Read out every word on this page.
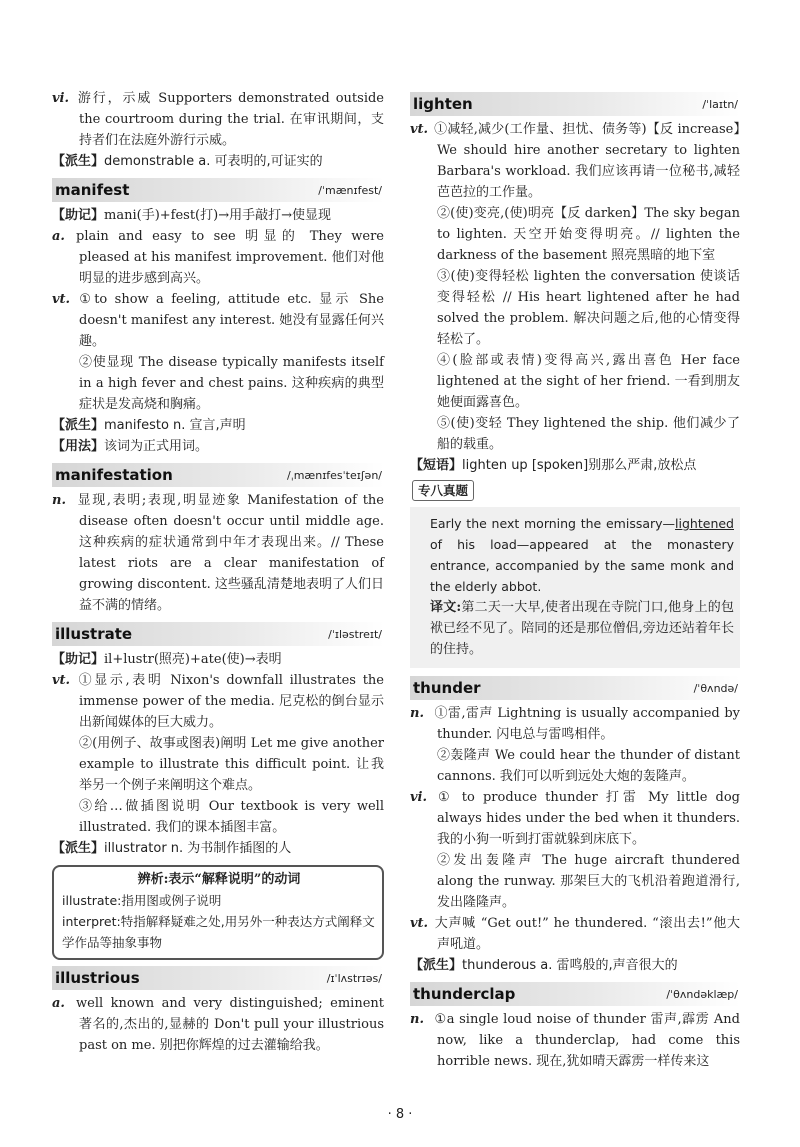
vi. 游行，示威 Supporters demonstrated outside the courtroom during the trial. 在审讯期间，支持者们在法庭外游行示威。

【派生】demonstrable a. 可表明的,可证实的

manifest	/ˈmænɪfest/

【助记】mani(手)+fest(打)→用手敲打→使显现

a. plain and easy to see 明显的 They were pleased at his manifest improvement. 他们对他明显的进步感到高兴。

vt. ①to show a feeling, attitude etc. 显示 She doesn't manifest any interest. 她没有显露任何兴趣。

②使显现 The disease typically manifests itself in a high fever and chest pains. 这种疾病的典型症状是发高烧和胸痛。

【派生】manifesto n. 宣言,声明

【用法】该词为正式用词。

manifestation	/ˌmænɪfesˈteɪʃən/

n. 显现,表明;表现,明显迹象 Manifestation of the disease often doesn't occur until middle age. 这种疾病的症状通常到中年才表现出来。// These latest riots are a clear manifestation of growing discontent. 这些骚乱清楚地表明了人们日益不满的情绪。

illustrate	/ˈɪləstreɪt/

【助记】il+lustr(照亮)+ate(使)→表明

vt. ①显示,表明 Nixon's downfall illustrates the immense power of the media. 尼克松的倒台显示出新闻媒体的巨大威力。

②(用例子、故事或图表)阐明 Let me give another example to illustrate this difficult point. 让我举另一个例子来阐明这个难点。

③给…做插图说明 Our textbook is very well illustrated. 我们的课本插图丰富。

【派生】illustrator n. 为书制作插图的人

辨析:表示“解释说明”的动词

illustrate:指用图或例子说明

interpret:特指解释疑难之处,用另外一种表达方式阐释文学作品等抽象事物

illustrious	/ɪˈlʌstrɪəs/

a. well known and very distinguished; eminent 著名的,杰出的,显赫的 Don't pull your illustrious past on me. 别把你辉煌的过去灌输给我。

lighten	/ˈlaɪtn/

vt. ①减轻,减少(工作量、担忧、债务等)【反 increase】We should hire another secretary to lighten Barbara's workload. 我们应该再请一位秘书,减轻芭芭拉的工作量。

②(使)变亮,(使)明亮【反 darken】The sky began to lighten. 天空开始变得明亮。// lighten the darkness of the basement 照亮黑暗的地下室

③(使)变得轻松 lighten the conversation 使谈话变得轻松 // His heart lightened after he had solved the problem. 解决问题之后,他的心情变得轻松了。

④(脸部或表情)变得高兴,露出喜色 Her face lightened at the sight of her friend. 一看到朋友她便面露喜色。

⑤(使)变轻 They lightened the ship. 他们减少了船的载重。

【短语】lighten up [spoken]别那么严肃,放松点

专八真题

Early the next morning the emissary—lightened of his load—appeared at the monastery entrance, accompanied by the same monk and the elderly abbot.

译文:第二天一大早,使者出现在寺院门口,他身上的包袱已经不见了。陪同的还是那位僧侣,旁边还站着年长的住持。

thunder	/ˈθʌndə/

n. ①雷,雷声 Lightning is usually accompanied by thunder. 闪电总与雷鸣相伴。

②轰隆声 We could hear the thunder of distant cannons. 我们可以听到远处大炮的轰隆声。

vi. ① to produce thunder 打雷 My little dog always hides under the bed when it thunders. 我的小狗一听到打雷就躲到床底下。

②发出轰隆声 The huge aircraft thundered along the runway. 那架巨大的飞机沿着跑道滑行,发出隆隆声。

vt. 大声喊 “Get out!” he thundered. “滚出去!”他大声吼道。

【派生】thunderous a. 雷鸣般的,声音很大的

thunderclap	/ˈθʌndəklæp/

n. ①a single loud noise of thunder 雷声,霹雳 And now, like a thunderclap, had come this horrible news. 现在,犹如晴天霹雳一样传来这

· 8 ·
